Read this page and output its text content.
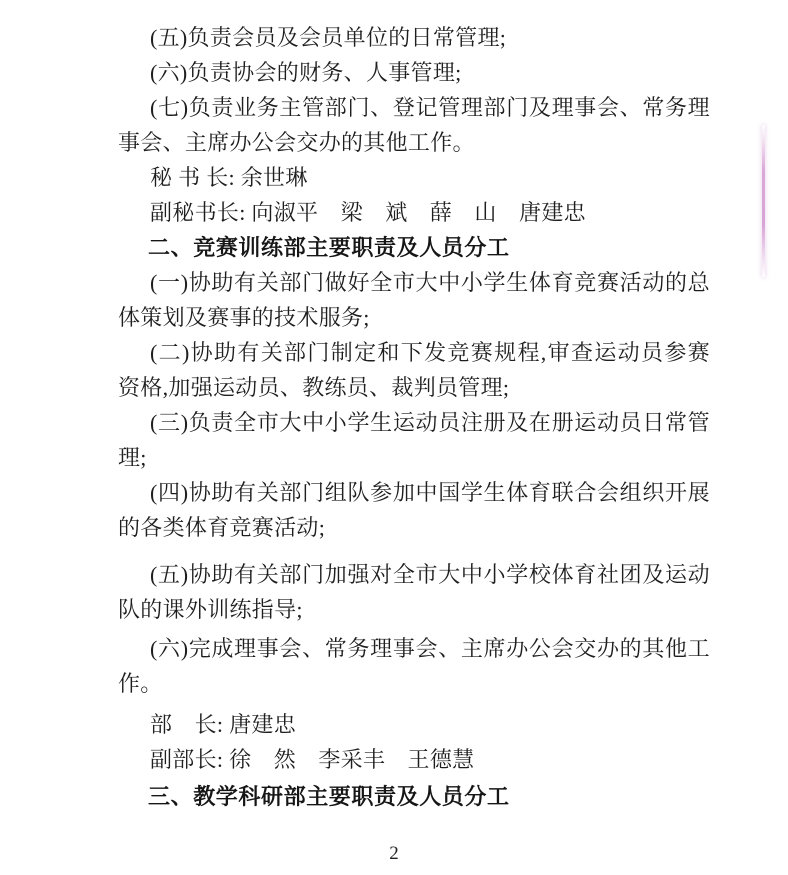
(五)负责会员及会员单位的日常管理;
(六)负责协会的财务、人事管理;
(七)负责业务主管部门、登记管理部门及理事会、常务理
事会、主席办公会交办的其他工作。
秘 书 长: 余世琳
副秘书长: 向淑平　梁　斌　薛　山　唐建忠
二、竞赛训练部主要职责及人员分工
(一)协助有关部门做好全市大中小学生体育竞赛活动的总
体策划及赛事的技术服务;
(二)协助有关部门制定和下发竞赛规程,审查运动员参赛
资格,加强运动员、教练员、裁判员管理;
(三)负责全市大中小学生运动员注册及在册运动员日常管
理;
(四)协助有关部门组队参加中国学生体育联合会组织开展
的各类体育竞赛活动;
(五)协助有关部门加强对全市大中小学校体育社团及运动
队的课外训练指导;
(六)完成理事会、常务理事会、主席办公会交办的其他工
作。
部　长: 唐建忠
副部长: 徐　然　李采丰　王德慧
三、教学科研部主要职责及人员分工
2
